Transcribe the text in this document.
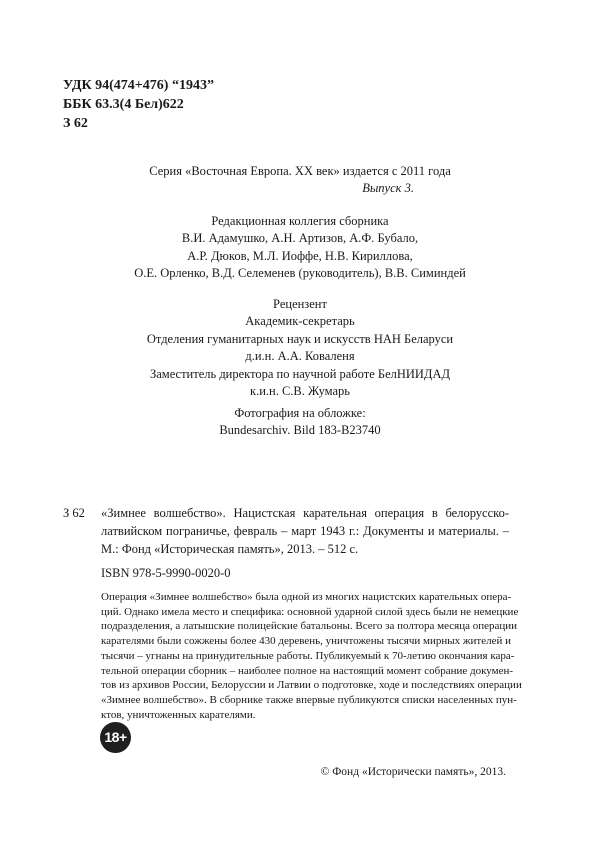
УДК 94(474+476) “1943”
ББК 63.3(4 Бел)622
З 62
Серия «Восточная Европа. XX век» издается с 2011 года
Выпуск 3.
Редакционная коллегия сборника
В.И. Адамушко, А.Н. Артизов, А.Ф. Бубало,
А.Р. Дюков, М.Л. Иоффе, Н.В. Кириллова,
О.Е. Орленко, В.Д. Селеменев (руководитель), В.В. Симиндей
Рецензент
Академик-секретарь
Отделения гуманитарных наук и искусств НАН Беларуси
д.и.н. А.А. Коваленя
Заместитель директора по научной работе БелНИИДАД
к.и.н. С.В. Жумарь
Фотография на обложке:
Bundesarchiv. Bild 183-B23740
З 62 «Зимнее волшебство». Нацистская карательная операция в белорусско-
латвийском пограничье, февраль – март 1943 г.: Документы и материалы. –
М.: Фонд «Историческая память», 2013. – 512 с.
ISBN 978-5-9990-0020-0
Операция «Зимнее волшебство» была одной из многих нацистских карательных опера-
ций. Однако имела место и специфика: основной ударной силой здесь были не немецкие
подразделения, а латышские полицейские батальоны. Всего за полтора месяца операции
карателями были сожжены более 430 деревень, уничтожены тысячи мирных жителей и
тысячи – угнаны на принудительные работы. Публикуемый к 70-летию окончания карa-
тельной операции сборник – наиболее полное на настоящий момент собрание докумен-
тов из архивов России, Белоруссии и Латвии о подготовке, ходе и последствиях операции
«Зимнее волшебство». В сборнике также впервые публикуются списки населенных пун-
ктов, уничтоженных карателями.
18+
© Фонд «Исторически память», 2013.
